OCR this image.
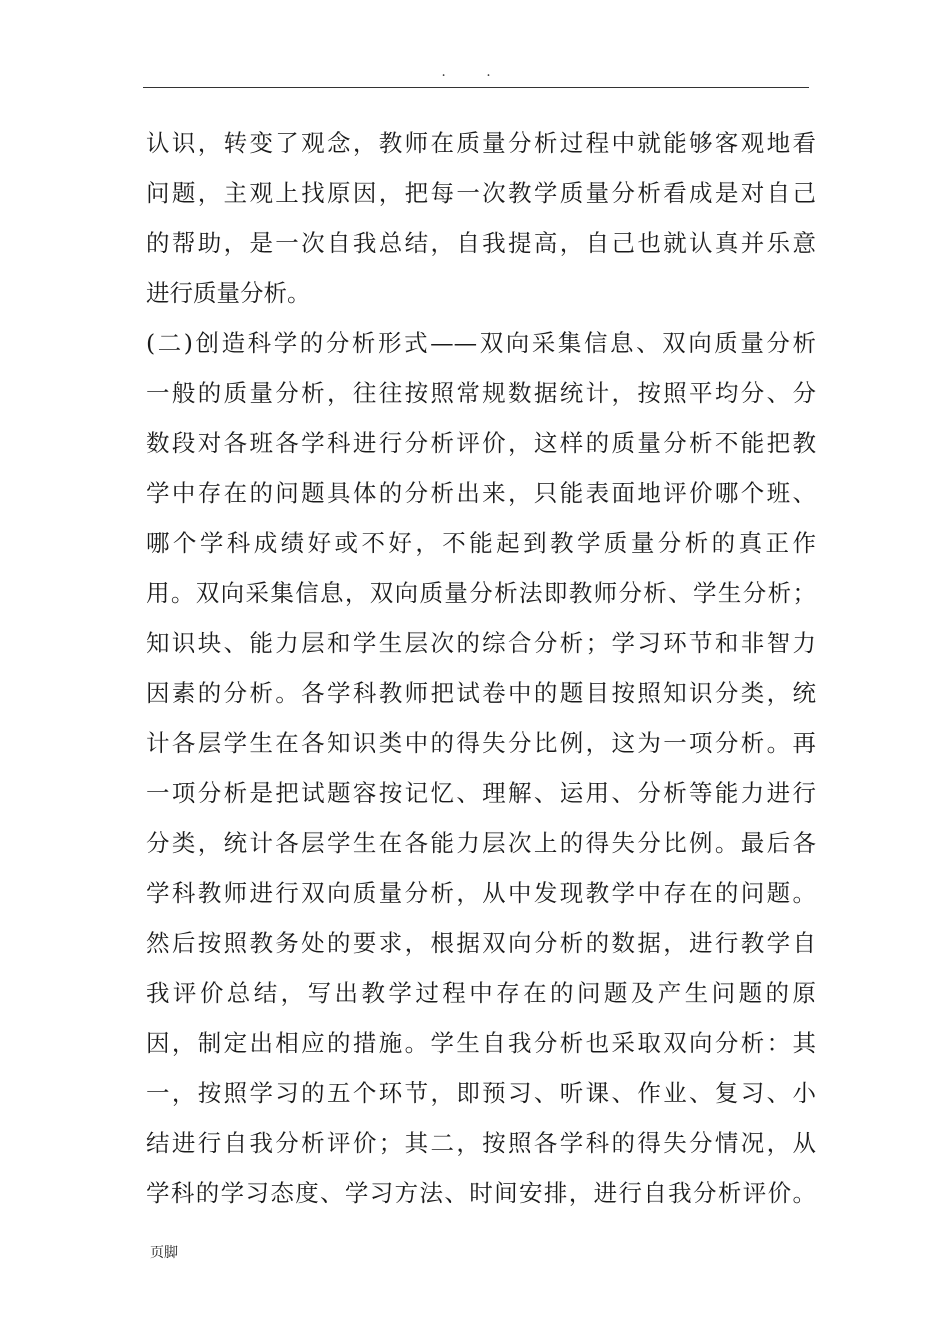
. .
认识，转变了观念，教师在质量分析过程中就能够客观地看
问题，主观上找原因，把每一次教学质量分析看成是对自己
的帮助，是一次自我总结，自我提高，自己也就认真并乐意
进行质量分析。
(二)创造科学的分析形式——双向采集信息、双向质量分析
一般的质量分析，往往按照常规数据统计，按照平均分、分
数段对各班各学科进行分析评价，这样的质量分析不能把教
学中存在的问题具体的分析出来，只能表面地评价哪个班、
哪个学科成绩好或不好，不能起到教学质量分析的真正作
用。双向采集信息，双向质量分析法即教师分析、学生分析；
知识块、能力层和学生层次的综合分析；学习环节和非智力
因素的分析。各学科教师把试卷中的题目按照知识分类，统
计各层学生在各知识类中的得失分比例，这为一项分析。再
一项分析是把试题容按记忆、理解、运用、分析等能力进行
分类，统计各层学生在各能力层次上的得失分比例。最后各
学科教师进行双向质量分析，从中发现教学中存在的问题。
然后按照教务处的要求，根据双向分析的数据，进行教学自
我评价总结，写出教学过程中存在的问题及产生问题的原
因，制定出相应的措施。学生自我分析也采取双向分析：其
一，按照学习的五个环节，即预习、听课、作业、复习、小
结进行自我分析评价；其二，按照各学科的得失分情况，从
学科的学习态度、学习方法、时间安排，进行自我分析评价。
页脚
